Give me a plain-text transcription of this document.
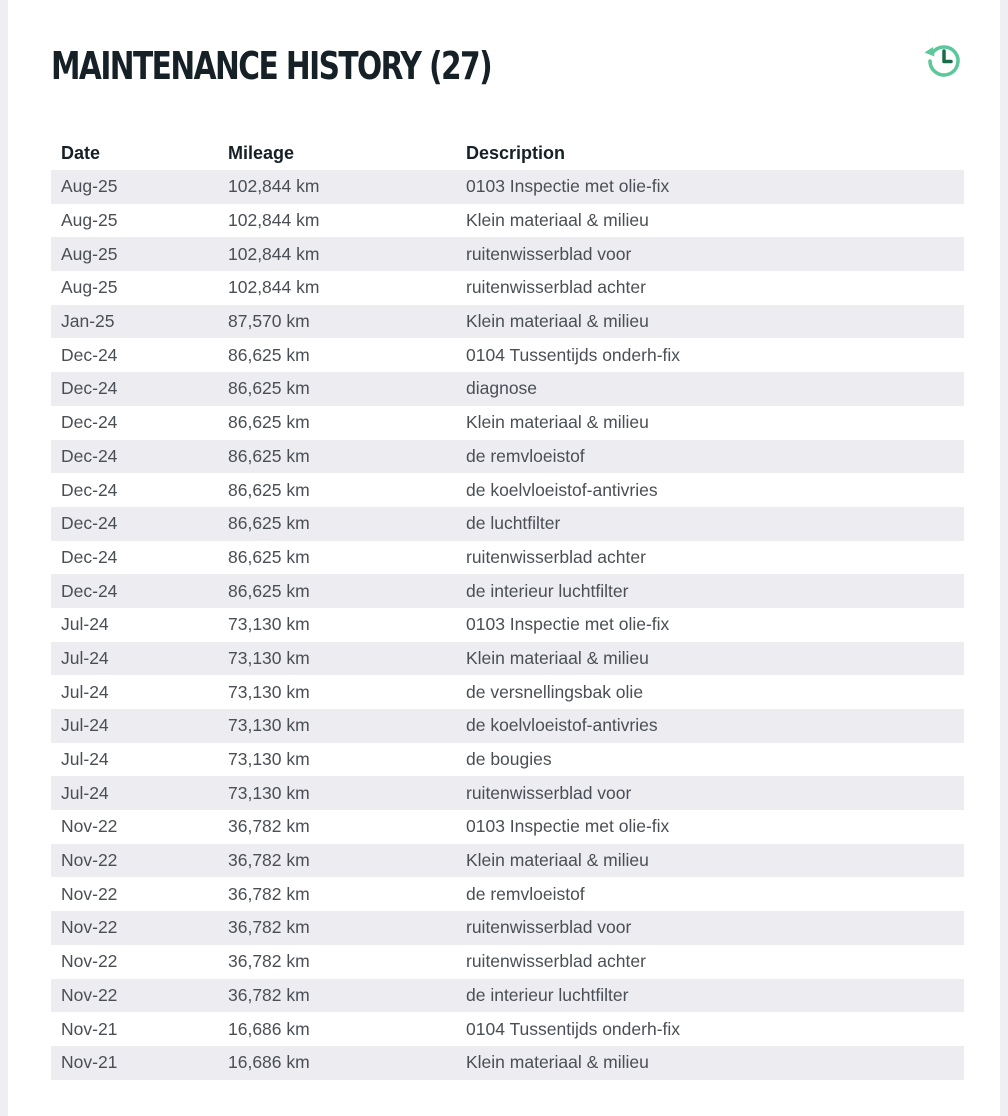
MAINTENANCE HISTORY (27)
Date	Mileage	Description
Aug-25	102,844 km	0103 Inspectie met olie-fix
Aug-25	102,844 km	Klein materiaal & milieu
Aug-25	102,844 km	ruitenwisserblad voor
Aug-25	102,844 km	ruitenwisserblad achter
Jan-25	87,570 km	Klein materiaal & milieu
Dec-24	86,625 km	0104 Tussentijds onderh-fix
Dec-24	86,625 km	diagnose
Dec-24	86,625 km	Klein materiaal & milieu
Dec-24	86,625 km	de remvloeistof
Dec-24	86,625 km	de koelvloeistof-antivries
Dec-24	86,625 km	de luchtfilter
Dec-24	86,625 km	ruitenwisserblad achter
Dec-24	86,625 km	de interieur luchtfilter
Jul-24	73,130 km	0103 Inspectie met olie-fix
Jul-24	73,130 km	Klein materiaal & milieu
Jul-24	73,130 km	de versnellingsbak olie
Jul-24	73,130 km	de koelvloeistof-antivries
Jul-24	73,130 km	de bougies
Jul-24	73,130 km	ruitenwisserblad voor
Nov-22	36,782 km	0103 Inspectie met olie-fix
Nov-22	36,782 km	Klein materiaal & milieu
Nov-22	36,782 km	de remvloeistof
Nov-22	36,782 km	ruitenwisserblad voor
Nov-22	36,782 km	ruitenwisserblad achter
Nov-22	36,782 km	de interieur luchtfilter
Nov-21	16,686 km	0104 Tussentijds onderh-fix
Nov-21	16,686 km	Klein materiaal & milieu
